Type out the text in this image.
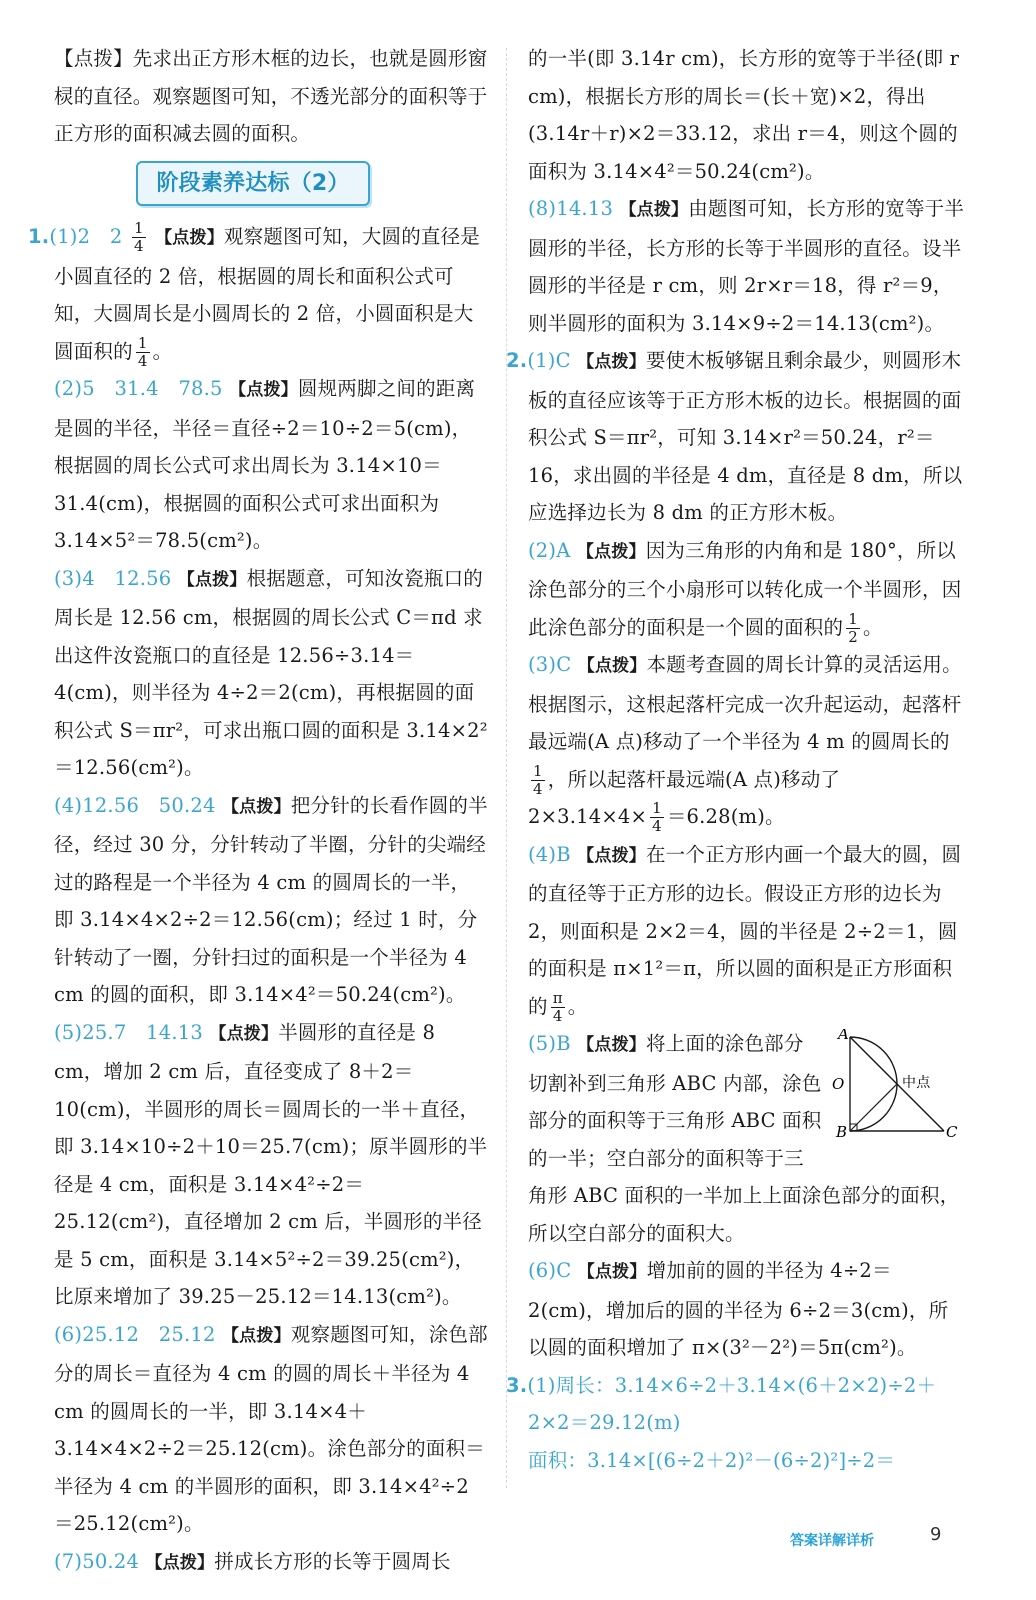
【点拨】先求出正方形木框的边长，也就是圆形窗棂的直径。观察题图可知，不透光部分的面积等于正方形的面积减去圆的面积。

阶段素养达标（2）

1.(1)2　$2 \frac{1}{4}$ 【点拨】观察题图可知，大圆的直径是小圆直径的 2 倍，根据圆的周长和面积公式可知，大圆周长是小圆周长的 2 倍，小圆面积是大圆面积的 $\frac{1}{4}$ 。

(2)5　31.4　78.5 【点拨】圆规两脚之间的距离是圆的半径，半径＝直径÷2＝10÷2＝5(cm)，根据圆的周长公式可求出周长为 3.14×10＝31.4(cm)，根据圆的面积公式可求出面积为 3.14×5²＝78.5(cm²)。

(3)4　12.56 【点拨】根据题意，可知汝瓷瓶口的周长是 12.56 cm，根据圆的周长公式 C＝πd 求出这件汝瓷瓶口的直径是 12.56÷3.14＝4(cm)，则半径为 4÷2＝2(cm)，再根据圆的面积公式 S＝πr²，可求出瓶口圆的面积是 3.14×2²＝12.56(cm²)。

(4)12.56　50.24 【点拨】把分针的长看作圆的半径，经过 30 分，分针转动了半圈，分针的尖端经过的路程是一个半径为 4 cm 的圆周长的一半，即 3.14×4×2÷2＝12.56(cm)；经过 1 时，分针转动了一圈，分针扫过的面积是一个半径为 4 cm 的圆的面积，即 3.14×4²＝50.24(cm²)。

(5)25.7　14.13 【点拨】半圆形的直径是 8 cm，增加 2 cm 后，直径变成了 8＋2＝10(cm)，半圆形的周长＝圆周长的一半＋直径，即 3.14×10÷2＋10＝25.7(cm)；原半圆形的半径是 4 cm，面积是 3.14×4²÷2＝25.12(cm²)，直径增加 2 cm 后，半圆形的半径是 5 cm，面积是 3.14×5²÷2＝39.25(cm²)，比原来增加了 39.25－25.12＝14.13(cm²)。

(6)25.12　25.12 【点拨】观察题图可知，涂色部分的周长＝直径为 4 cm 的圆的周长＋半径为 4 cm 的圆周长的一半，即 3.14×4＋3.14×4×2÷2＝25.12(cm)。涂色部分的面积＝半径为 4 cm 的半圆形的面积，即 3.14×4²÷2＝25.12(cm²)。

(7)50.24 【点拨】拼成长方形的长等于圆周长

的一半(即 3.14r cm)，长方形的宽等于半径(即 r cm)，根据长方形的周长＝(长＋宽)×2，得出(3.14r＋r)×2＝33.12，求出 r＝4，则这个圆的面积为 3.14×4²＝50.24(cm²)。

(8)14.13 【点拨】由题图可知，长方形的宽等于半圆形的半径，长方形的长等于半圆形的直径。设半圆形的半径是 r cm，则 2r×r＝18，得 r²＝9，则半圆形的面积为 3.14×9÷2＝14.13(cm²)。

2.(1)C 【点拨】要使木板够锯且剩余最少，则圆形木板的直径应该等于正方形木板的边长。根据圆的面积公式 S＝πr²，可知 3.14×r²＝50.24，r²＝16，求出圆的半径是 4 dm，直径是 8 dm，所以应选择边长为 8 dm 的正方形木板。

(2)A 【点拨】因为三角形的内角和是 180°，所以涂色部分的三个小扇形可以转化成一个半圆形，因此涂色部分的面积是一个圆的面积的 $\frac{1}{2}$ 。

(3)C 【点拨】本题考查圆的周长计算的灵活运用。根据图示，这根起落杆完成一次升起运动，起落杆最远端(A 点)移动了一个半径为 4 m 的圆周长的
$\frac{1}{4}$ ，所以起落杆最远端(A 点)移动了
$2\times 3.14\times 4\times \frac{1}{4} =6.28(m)$。

(4)B 【点拨】在一个正方形内画一个最大的圆，圆的直径等于正方形的边长。假设正方形的边长为 2，则面积是 2×2＝4，圆的半径是 2÷2＝1，圆的面积是 π×1²＝π，所以圆的面积是正方形面积的 $\frac{\pi}{4}$ 。

A
O
B	C
中点
(5)B 【点拨】将上面的涂色部分切割补到三角形 ABC 内部，涂色部分的面积等于三角形 ABC 面积的一半；空白部分的面积等于三角形 ABC 面积的一半加上上面涂色部分的面积，所以空白部分的面积大。

(6)C 【点拨】增加前的圆的半径为 4÷2＝2(cm)，增加后的圆的半径为 6÷2＝3(cm)，所以圆的面积增加了 π×(3²－2²)＝5π(cm²)。

3.(1)周长：3.14×6÷2＋3.14×(6＋2×2)÷2＋2×2＝29.12(m)
面积：3.14×[(6÷2＋2)²－(6÷2)²]÷2＝

答案详解详析	9
